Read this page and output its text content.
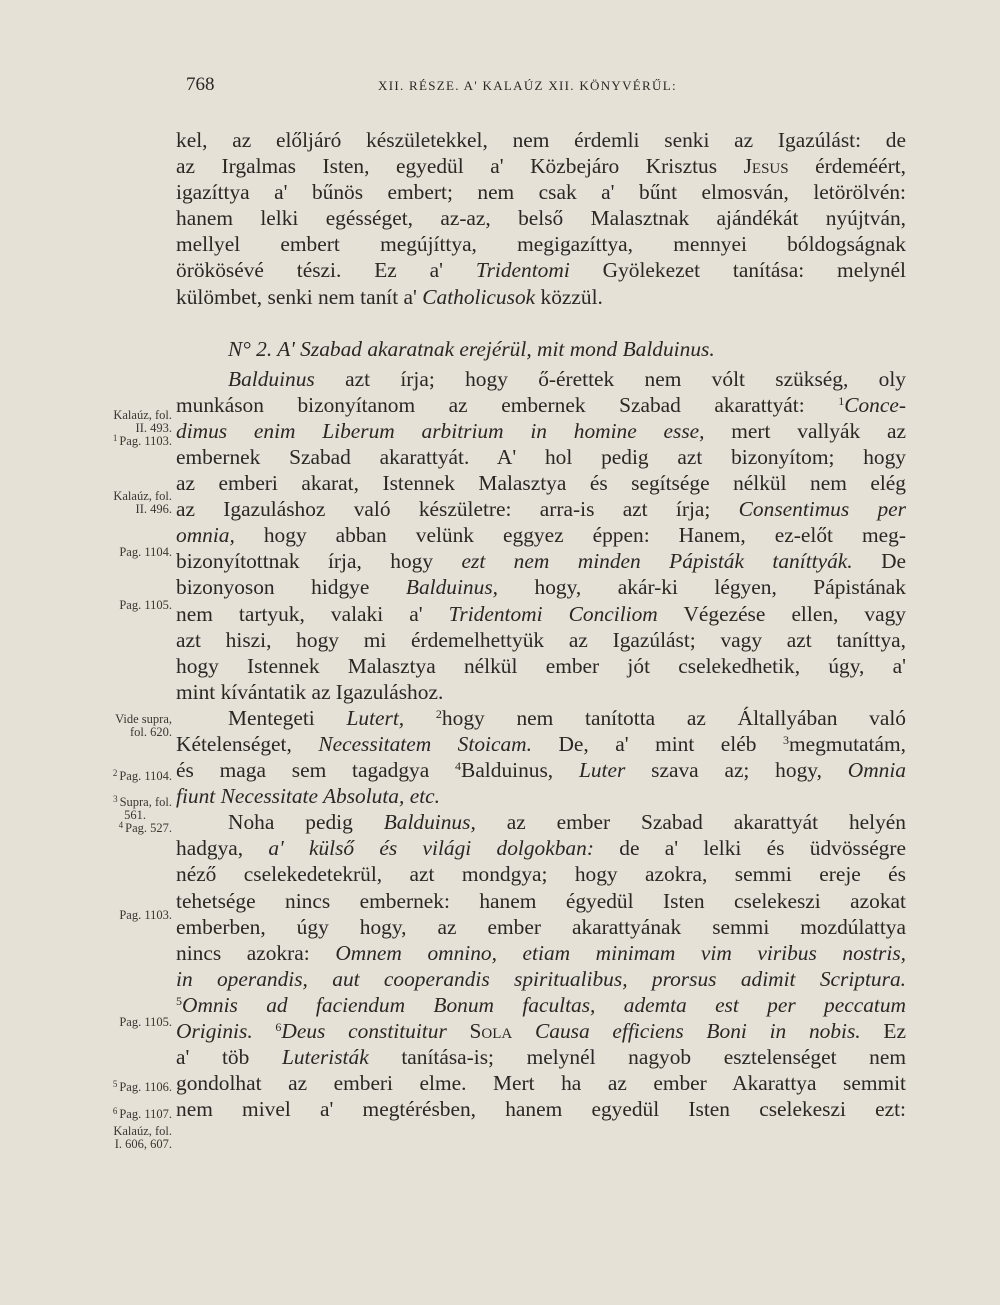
768	XII. RÉSZE. A' KALAÚZ XII. KÖNYVÉRŰL:
kel, az előljáró készületekkel, nem érdemli senki az Igazúlást: de
az Irgalmas Isten, egyedül a' Közbejáro Krisztus Jesus érdeméért,
igazíttya a' bűnös embert; nem csak a' bűnt elmosván, letörölvén:
hanem lelki egésséget, az-az, belső Malasztnak ajándékát nyújtván,
mellyel embert megújíttya, megigazíttya, mennyei bóldogságnak
örökösévé tészi. Ez a' Tridentomi Gyölekezet tanítása: melynél
külömbet, senki nem tanít a' Catholicusok közzül.
N° 2. A' Szabad akaratnak erejérül, mit mond Balduinus.
Balduinus azt írja; hogy ő-érettek nem vólt szükség, oly
munkáson bizonyítanom az embernek Szabad akarattyát:	$^1$Conce-
dimus enim Liberum arbitrium in homine esse, mert vallyák az
embernek Szabad akarattyát. A' hol pedig azt bizonyítom; hogy
az emberi akarat, Istennek Malasztya és segítsége nélkül nem elég
az Igazuláshoz való készületre: arra-is azt írja; Consentimus per
omnia, hogy abban velünk eggyez éppen: Hanem, ez-előt meg-
bizonyítottnak írja, hogy ezt nem minden Pápisták taníttyák. De
bizonyoson hidgye Balduinus, hogy, akár-ki légyen, Pápistának
nem tartyuk, valaki a' Tridentomi Conciliom Végezése ellen, vagy
azt hiszi, hogy mi érdemelhettyük az Igazúlást; vagy azt taníttya,
hogy Istennek Malasztya nélkül ember jót cselekedhetik, úgy, a'
mint kívántatik az Igazuláshoz.
Mentegeti Lutert,	$^2$hogy nem tanította az Általlyában való
Kételenséget, Necessitatem Stoicam. De, a' mint eléb $^3$megmutatám,
és maga sem tagadgya $^4$Balduinus, Luter szava az; hogy, Omnia
fiunt Necessitate Absoluta, etc.
Noha pedig Balduinus, az ember Szabad akarattyát helyén
hadgya, a' külső és világi dolgokban: de a' lelki és üdvösségre
néző cselekedetekrül, azt mondgya; hogy azokra, semmi ereje és
tehetsége nincs embernek: hanem égyedül Isten cselekeszi azokat
emberben, úgy hogy, az ember akarattyának semmi mozdúlattya
nincs azokra: Omnem omnino, etiam minimam vim viribus nostris,
in operandis, aut cooperandis spiritualibus, prorsus adimit Scriptura.
$^5$Omnis ad faciendum Bonum facultas, ademta est per peccatum
Originis. $^6$Deus constituitur Sola Causa efficiens Boni in nobis. Ez
a' töb Luteristák tanítása-is; melynél nagyob esztelenséget nem
gondolhat az emberi elme. Mert ha az ember Akarattya semmit
nem mivel a' megtérésben, hanem egyedül Isten cselekeszi ezt:
Kalaúz, fol.
II. 493.
$^1$ Pag. 1103.
Kalaúz, fol.
II. 496.
Pag. 1104.
Pag. 1105.
Vide supra,
fol. 620.
$^2$ Pag. 1104.
$^3$ Supra, fol.
561.
$^4$ Pag. 527.
Pag. 1103.
Pag. 1105.
$^5$ Pag. 1106.
$^6$ Pag. 1107.
Kalaúz, fol.
I. 606, 607.
